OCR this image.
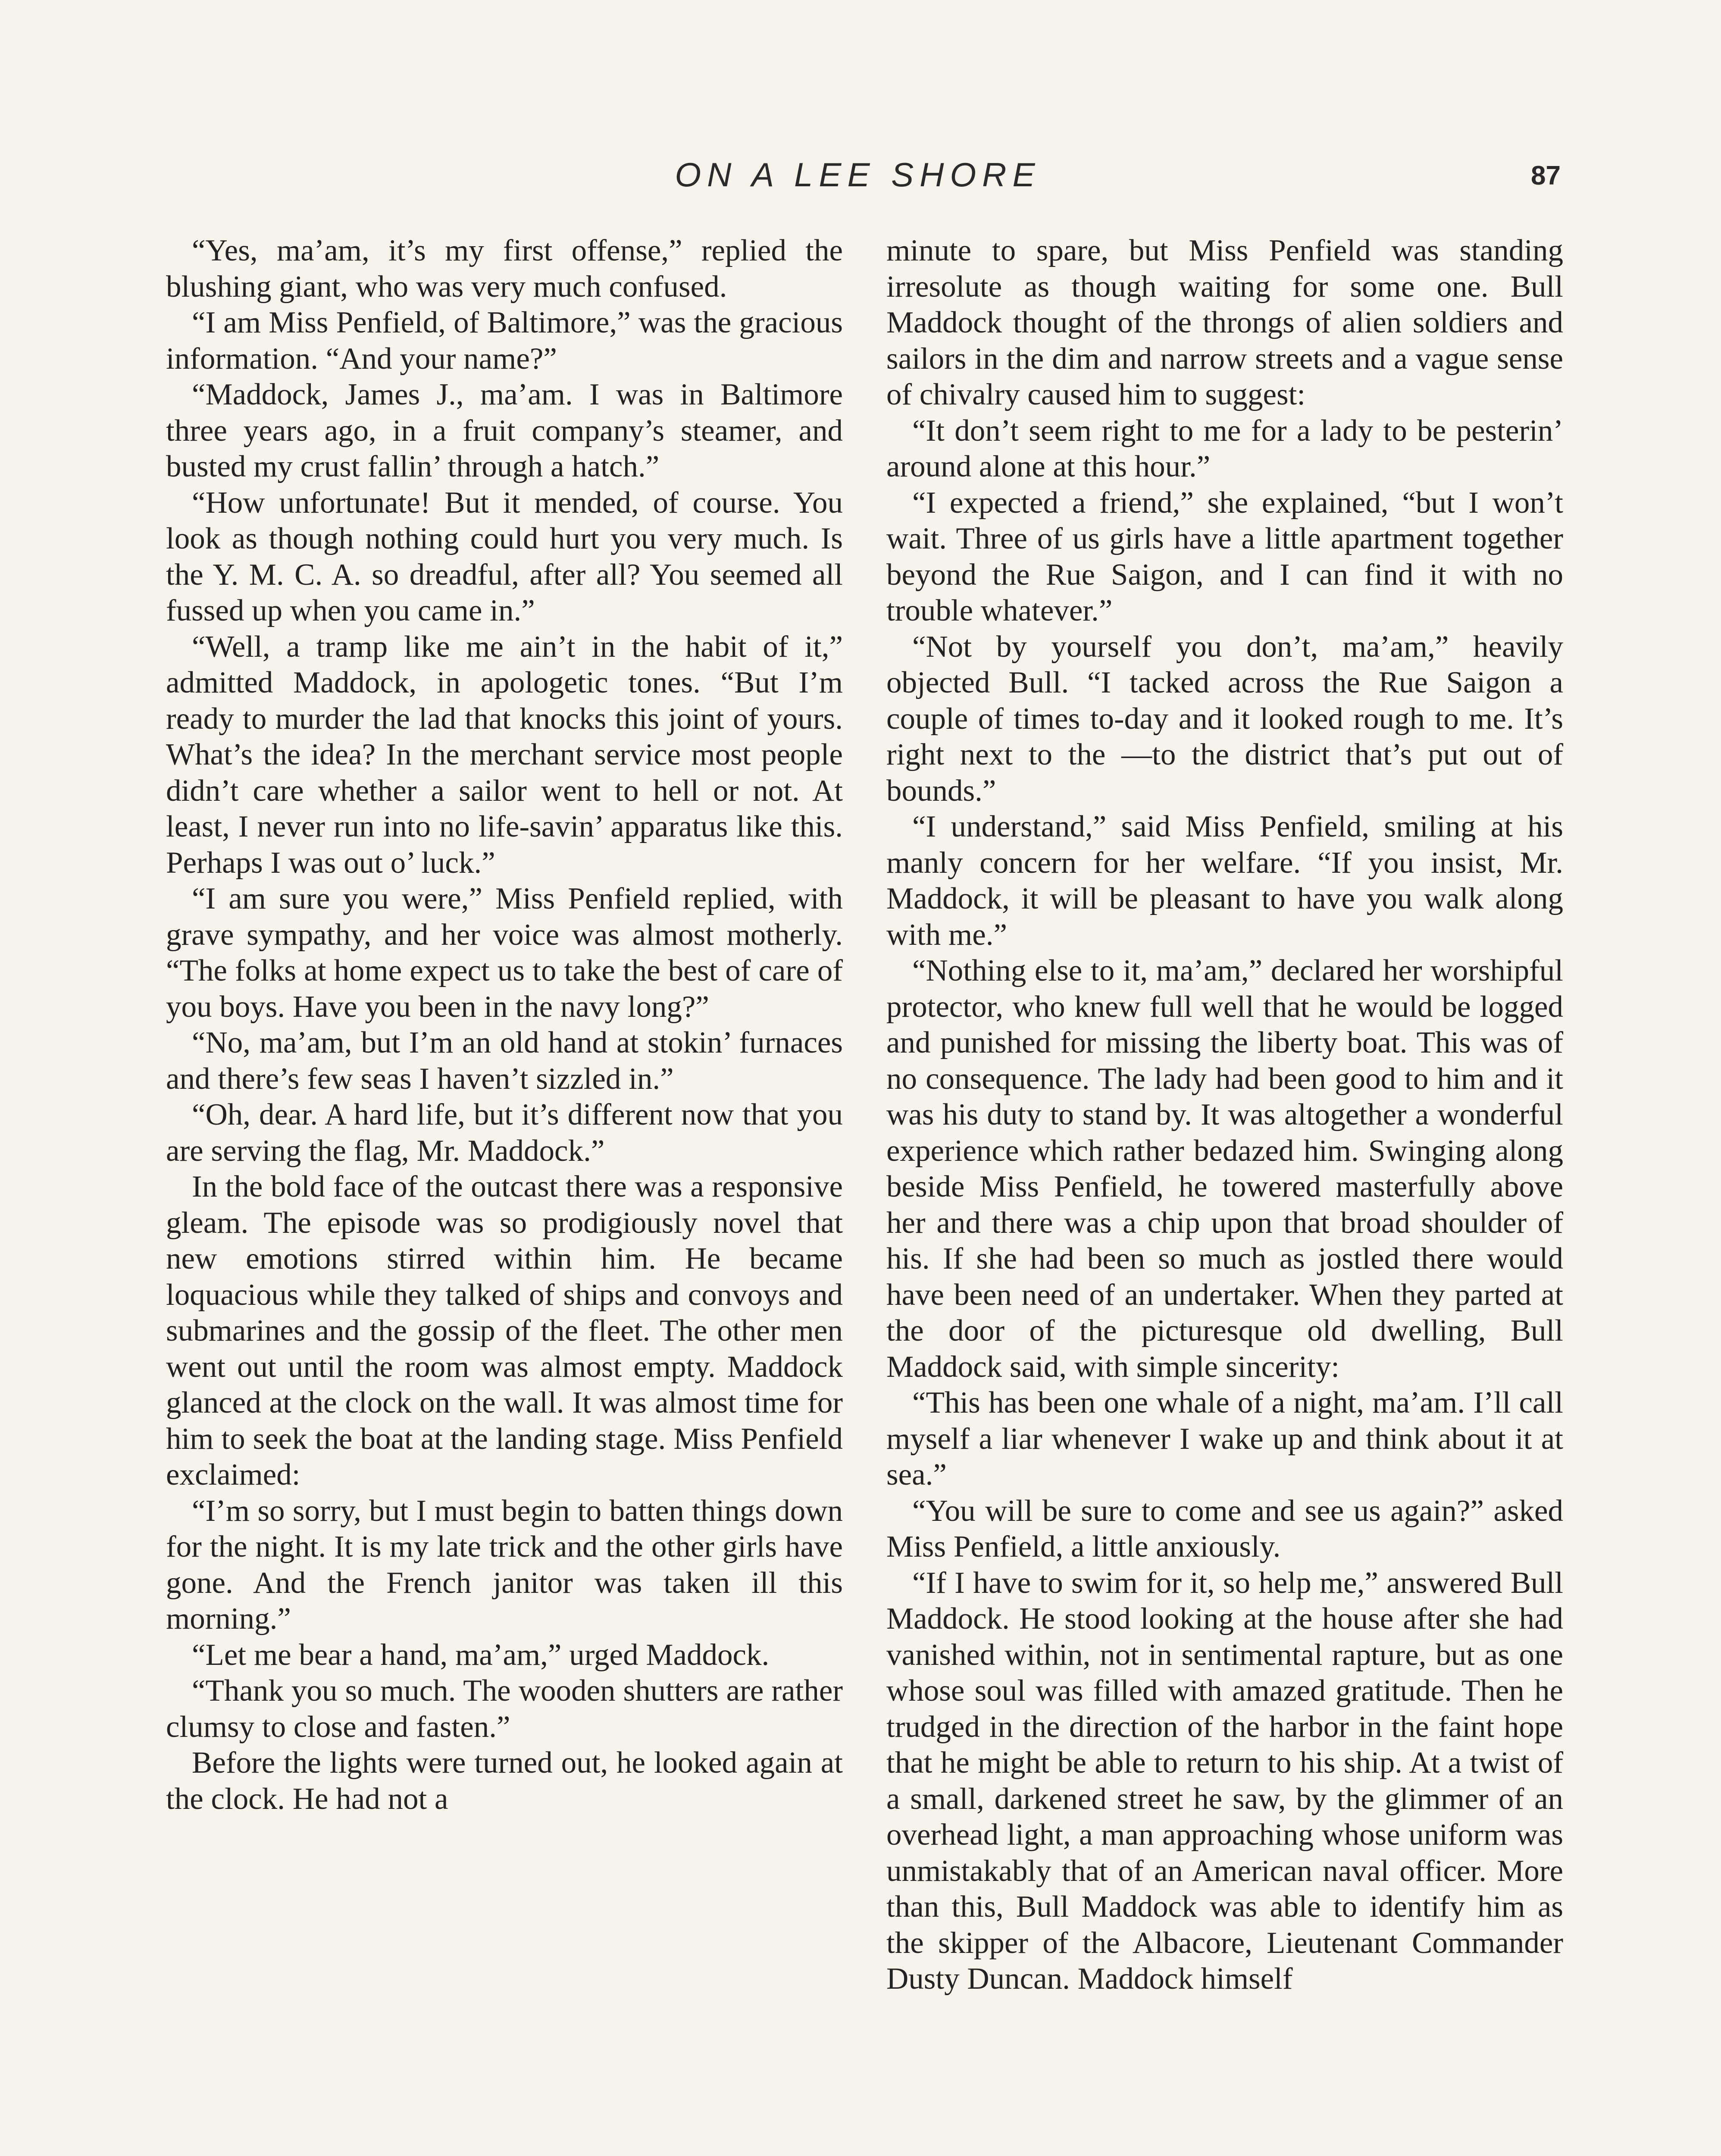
ON A LEE SHORE	87

“Yes, ma’am, it’s my first offense,” replied the blushing giant, who was very much confused.

“I am Miss Penfield, of Baltimore,” was the gracious information. “And your name?”

“Maddock, James J., ma’am. I was in Baltimore three years ago, in a fruit company’s steamer, and busted my crust fallin’ through a hatch.”

“How unfortunate! But it mended, of course. You look as though nothing could hurt you very much. Is the Y. M. C. A. so dreadful, after all? You seemed all fussed up when you came in.”

“Well, a tramp like me ain’t in the habit of it,” admitted Maddock, in apologetic tones. “But I’m ready to murder the lad that knocks this joint of yours. What’s the idea? In the merchant service most people didn’t care whether a sailor went to hell or not. At least, I never run into no life-savin’ apparatus like this. Perhaps I was out o’ luck.”

“I am sure you were,” Miss Penfield replied, with grave sympathy, and her voice was almost motherly. “The folks at home expect us to take the best of care of you boys. Have you been in the navy long?”

“No, ma’am, but I’m an old hand at stokin’ furnaces and there’s few seas I haven’t sizzled in.”

“Oh, dear. A hard life, but it’s different now that you are serving the flag, Mr. Maddock.”

In the bold face of the outcast there was a responsive gleam. The episode was so prodigiously novel that new emotions stirred within him. He became loquacious while they talked of ships and convoys and submarines and the gossip of the fleet. The other men went out until the room was almost empty. Maddock glanced at the clock on the wall. It was almost time for him to seek the boat at the landing stage. Miss Penfield exclaimed:

“I’m so sorry, but I must begin to batten things down for the night. It is my late trick and the other girls have gone. And the French janitor was taken ill this morning.”

“Let me bear a hand, ma’am,” urged Maddock.

“Thank you so much. The wooden shutters are rather clumsy to close and fasten.”

Before the lights were turned out, he looked again at the clock. He had not a

minute to spare, but Miss Penfield was standing irresolute as though waiting for some one. Bull Maddock thought of the throngs of alien soldiers and sailors in the dim and narrow streets and a vague sense of chivalry caused him to suggest:

“It don’t seem right to me for a lady to be pesterin’ around alone at this hour.”

“I expected a friend,” she explained, “but I won’t wait. Three of us girls have a little apartment together beyond the Rue Saigon, and I can find it with no trouble whatever.”

“Not by yourself you don’t, ma’am,” heavily objected Bull. “I tacked across the Rue Saigon a couple of times to-day and it looked rough to me. It’s right next to the —to the district that’s put out of bounds.”

“I understand,” said Miss Penfield, smiling at his manly concern for her welfare. “If you insist, Mr. Maddock, it will be pleasant to have you walk along with me.”

“Nothing else to it, ma’am,” declared her worshipful protector, who knew full well that he would be logged and punished for missing the liberty boat. This was of no consequence. The lady had been good to him and it was his duty to stand by. It was altogether a wonderful experience which rather bedazed him. Swinging along beside Miss Penfield, he towered masterfully above her and there was a chip upon that broad shoulder of his. If she had been so much as jostled there would have been need of an undertaker. When they parted at the door of the picturesque old dwelling, Bull Maddock said, with simple sincerity:

“This has been one whale of a night, ma’am. I’ll call myself a liar whenever I wake up and think about it at sea.”

“You will be sure to come and see us again?” asked Miss Penfield, a little anxiously.

“If I have to swim for it, so help me,” answered Bull Maddock. He stood looking at the house after she had vanished within, not in sentimental rapture, but as one whose soul was filled with amazed gratitude. Then he trudged in the direction of the harbor in the faint hope that he might be able to return to his ship. At a twist of a small, darkened street he saw, by the glimmer of an overhead light, a man approaching whose uniform was unmistakably that of an American naval officer. More than this, Bull Maddock was able to identify him as the skipper of the Albacore, Lieutenant Commander Dusty Duncan. Maddock himself
